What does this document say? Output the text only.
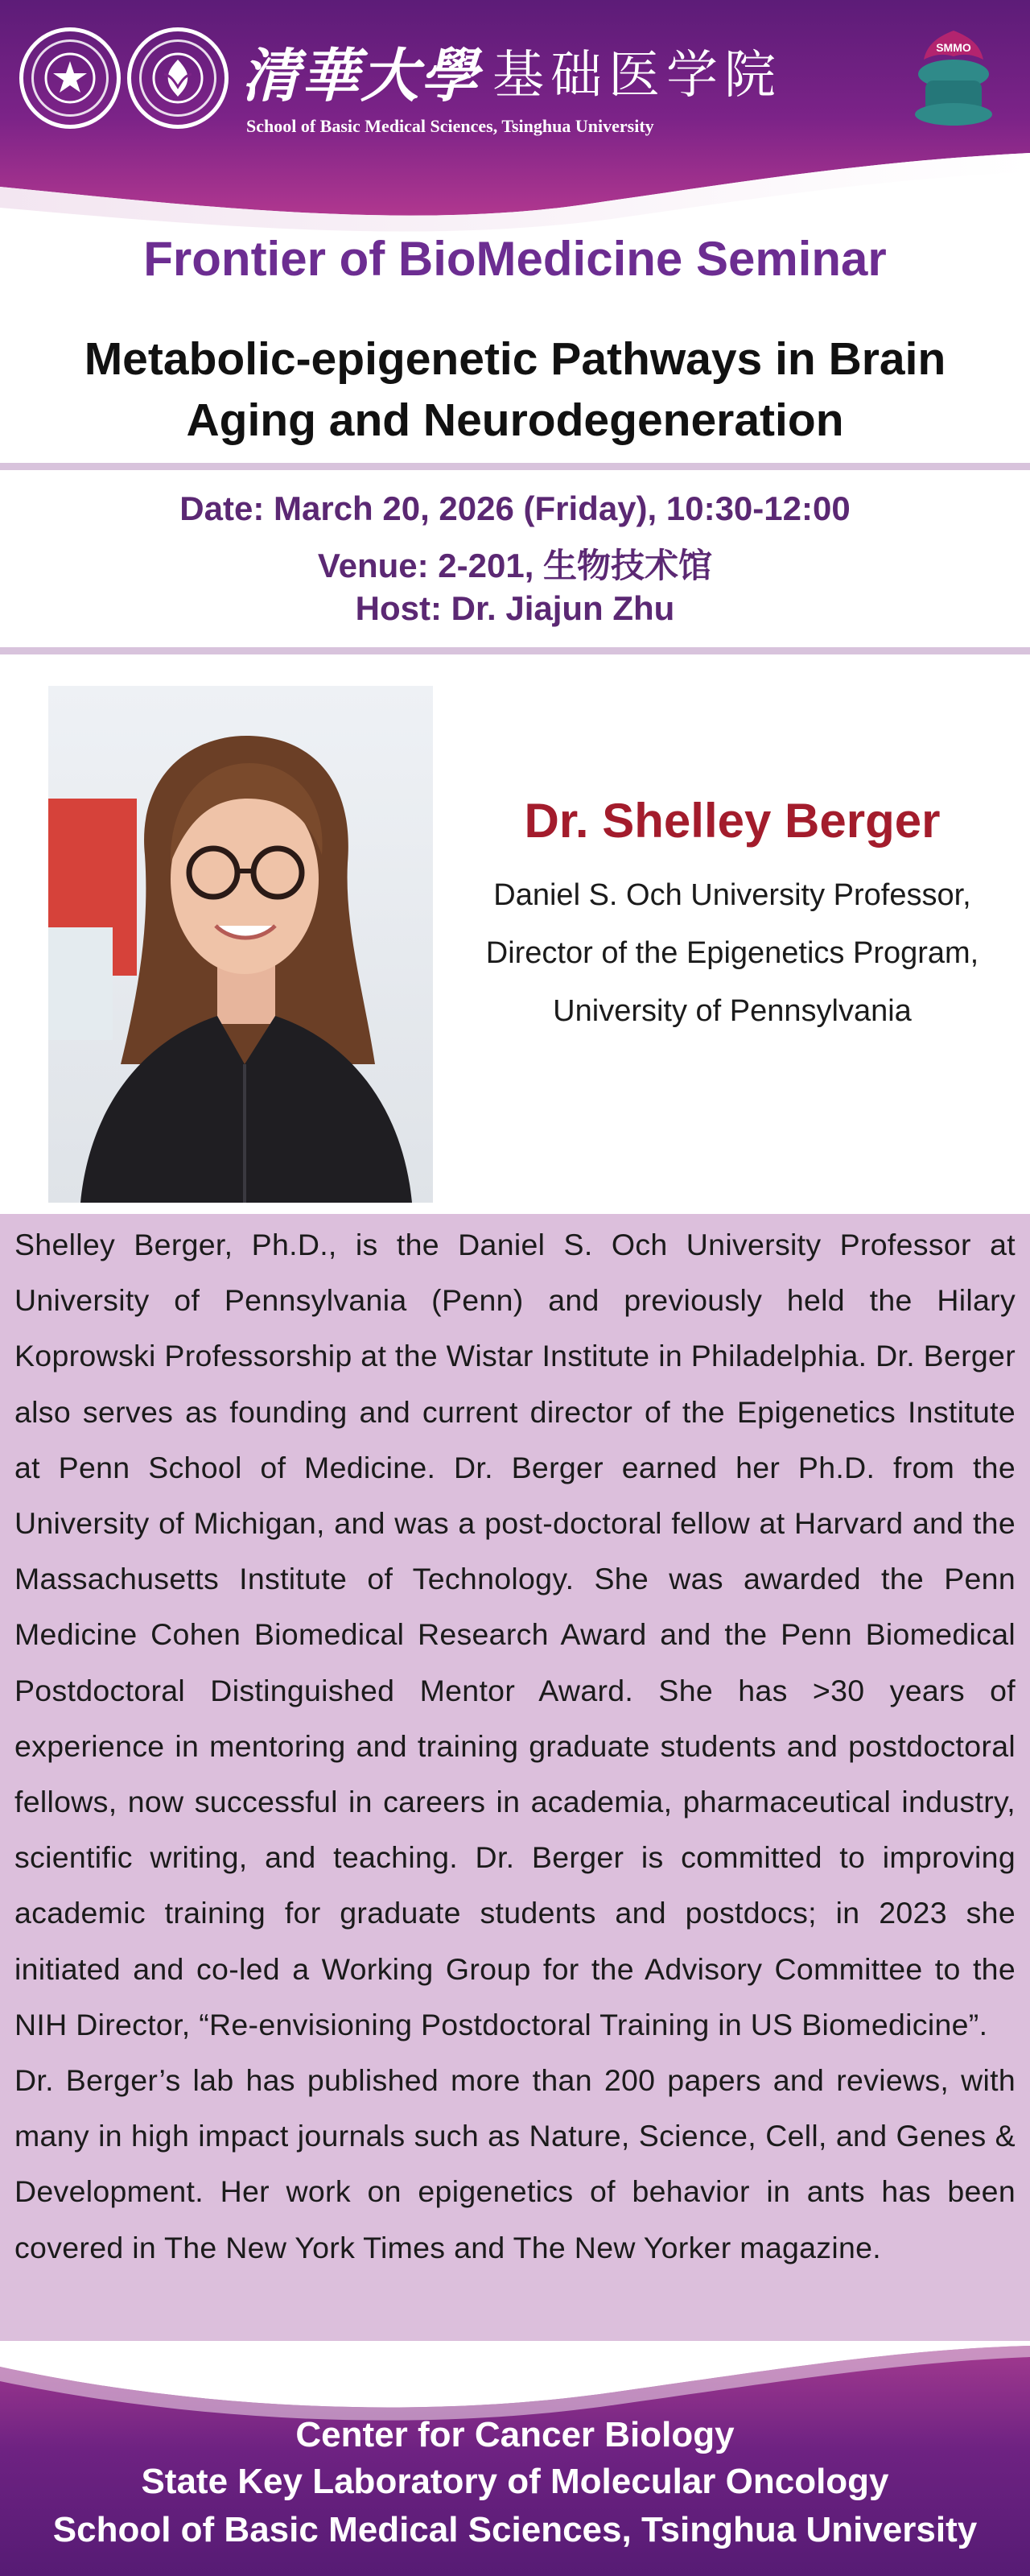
清華大學 基础医学院
School of Basic Medical Sciences, Tsinghua University
SMMO
Frontier of BioMedicine Seminar
Metabolic-epigenetic Pathways in Brain
Aging and Neurodegeneration
Date: March 20, 2026 (Friday), 10:30-12:00
Venue: 2-201, 生物技术馆
Host: Dr. Jiajun Zhu
Dr. Shelley Berger
Daniel S. Och University Professor,
Director of the Epigenetics Program,
University of Pennsylvania

Shelley Berger, Ph.D., is the Daniel S. Och University Professor at University of Pennsylvania (Penn) and previously held the Hilary Koprowski Professorship at the Wistar Institute in Philadelphia. Dr. Berger also serves as founding and current director of the Epigenetics Institute at Penn School of Medicine. Dr. Berger earned her Ph.D. from the University of Michigan, and was a post-doctoral fellow at Harvard and the Massachusetts Institute of Technology. She was awarded the Penn Medicine Cohen Biomedical Research Award and the Penn Biomedical Postdoctoral Distinguished Mentor Award. She has >30 years of experience in mentoring and training graduate students and postdoctoral fellows, now successful in careers in academia, pharmaceutical industry, scientific writing, and teaching. Dr. Berger is committed to improving academic training for graduate students and postdocs; in 2023 she initiated and co-led a Working Group for the Advisory Committee to the NIH Director, “Re-envisioning Postdoctoral Training in US Biomedicine”.

Dr. Berger’s lab has published more than 200 papers and reviews, with many in high impact journals such as Nature, Science, Cell, and Genes & Development. Her work on epigenetics of behavior in ants has been covered in The New York Times and The New Yorker magazine.

Center for Cancer Biology
State Key Laboratory of Molecular Oncology
School of Basic Medical Sciences, Tsinghua University
